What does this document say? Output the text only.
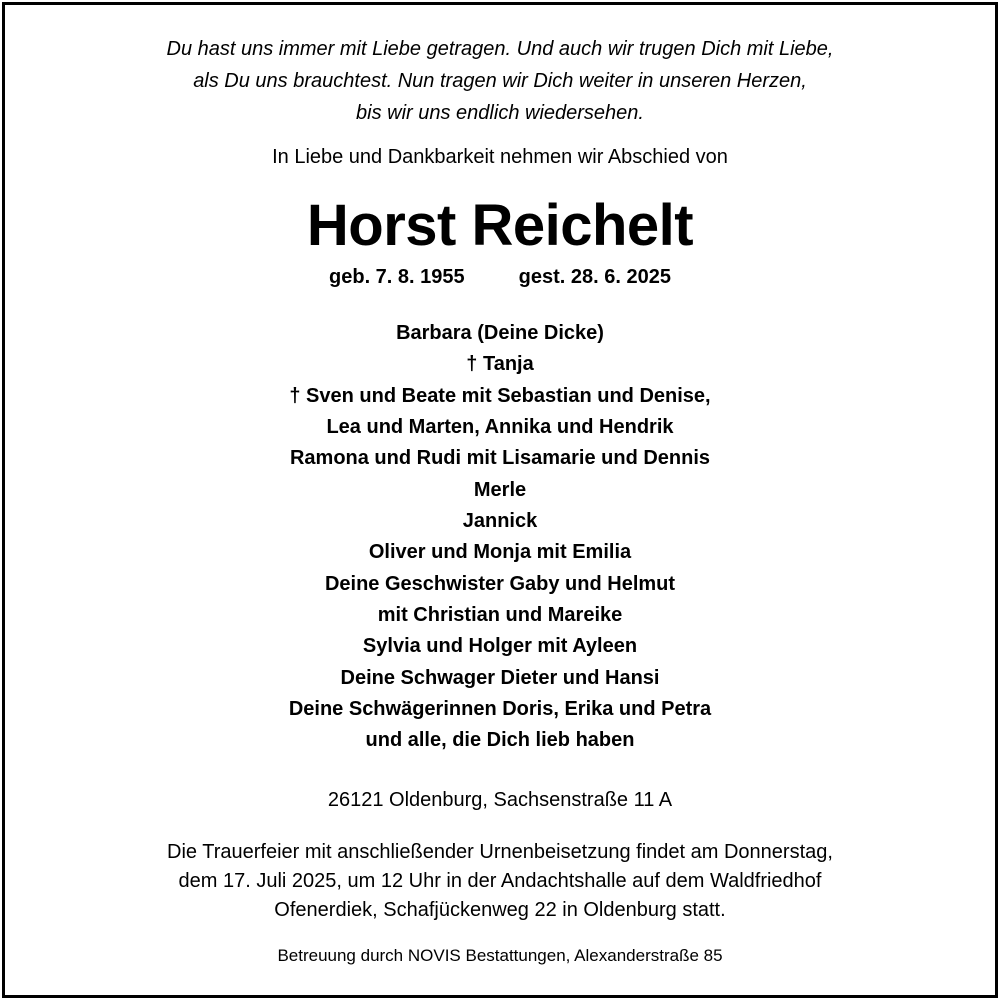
Du hast uns immer mit Liebe getragen. Und auch wir trugen Dich mit Liebe,
als Du uns brauchtest. Nun tragen wir Dich weiter in unseren Herzen,
bis wir uns endlich wiedersehen.
In Liebe und Dankbarkeit nehmen wir Abschied von
Horst Reichelt
geb. 7. 8. 1955	gest. 28. 6. 2025
Barbara (Deine Dicke)
† Tanja
† Sven und Beate mit Sebastian und Denise,
Lea und Marten, Annika und Hendrik
Ramona und Rudi mit Lisamarie und Dennis
Merle
Jannick
Oliver und Monja mit Emilia
Deine Geschwister Gaby und Helmut
mit Christian und Mareike
Sylvia und Holger mit Ayleen
Deine Schwager Dieter und Hansi
Deine Schwägerinnen Doris, Erika und Petra
und alle, die Dich lieb haben
26121 Oldenburg, Sachsenstraße 11 A
Die Trauerfeier mit anschließender Urnenbeisetzung findet am Donnerstag,
dem 17. Juli 2025, um 12 Uhr in der Andachtshalle auf dem Waldfriedhof
Ofenerdiek, Schafjückenweg 22 in Oldenburg statt.
Betreuung durch NOVIS Bestattungen, Alexanderstraße 85
